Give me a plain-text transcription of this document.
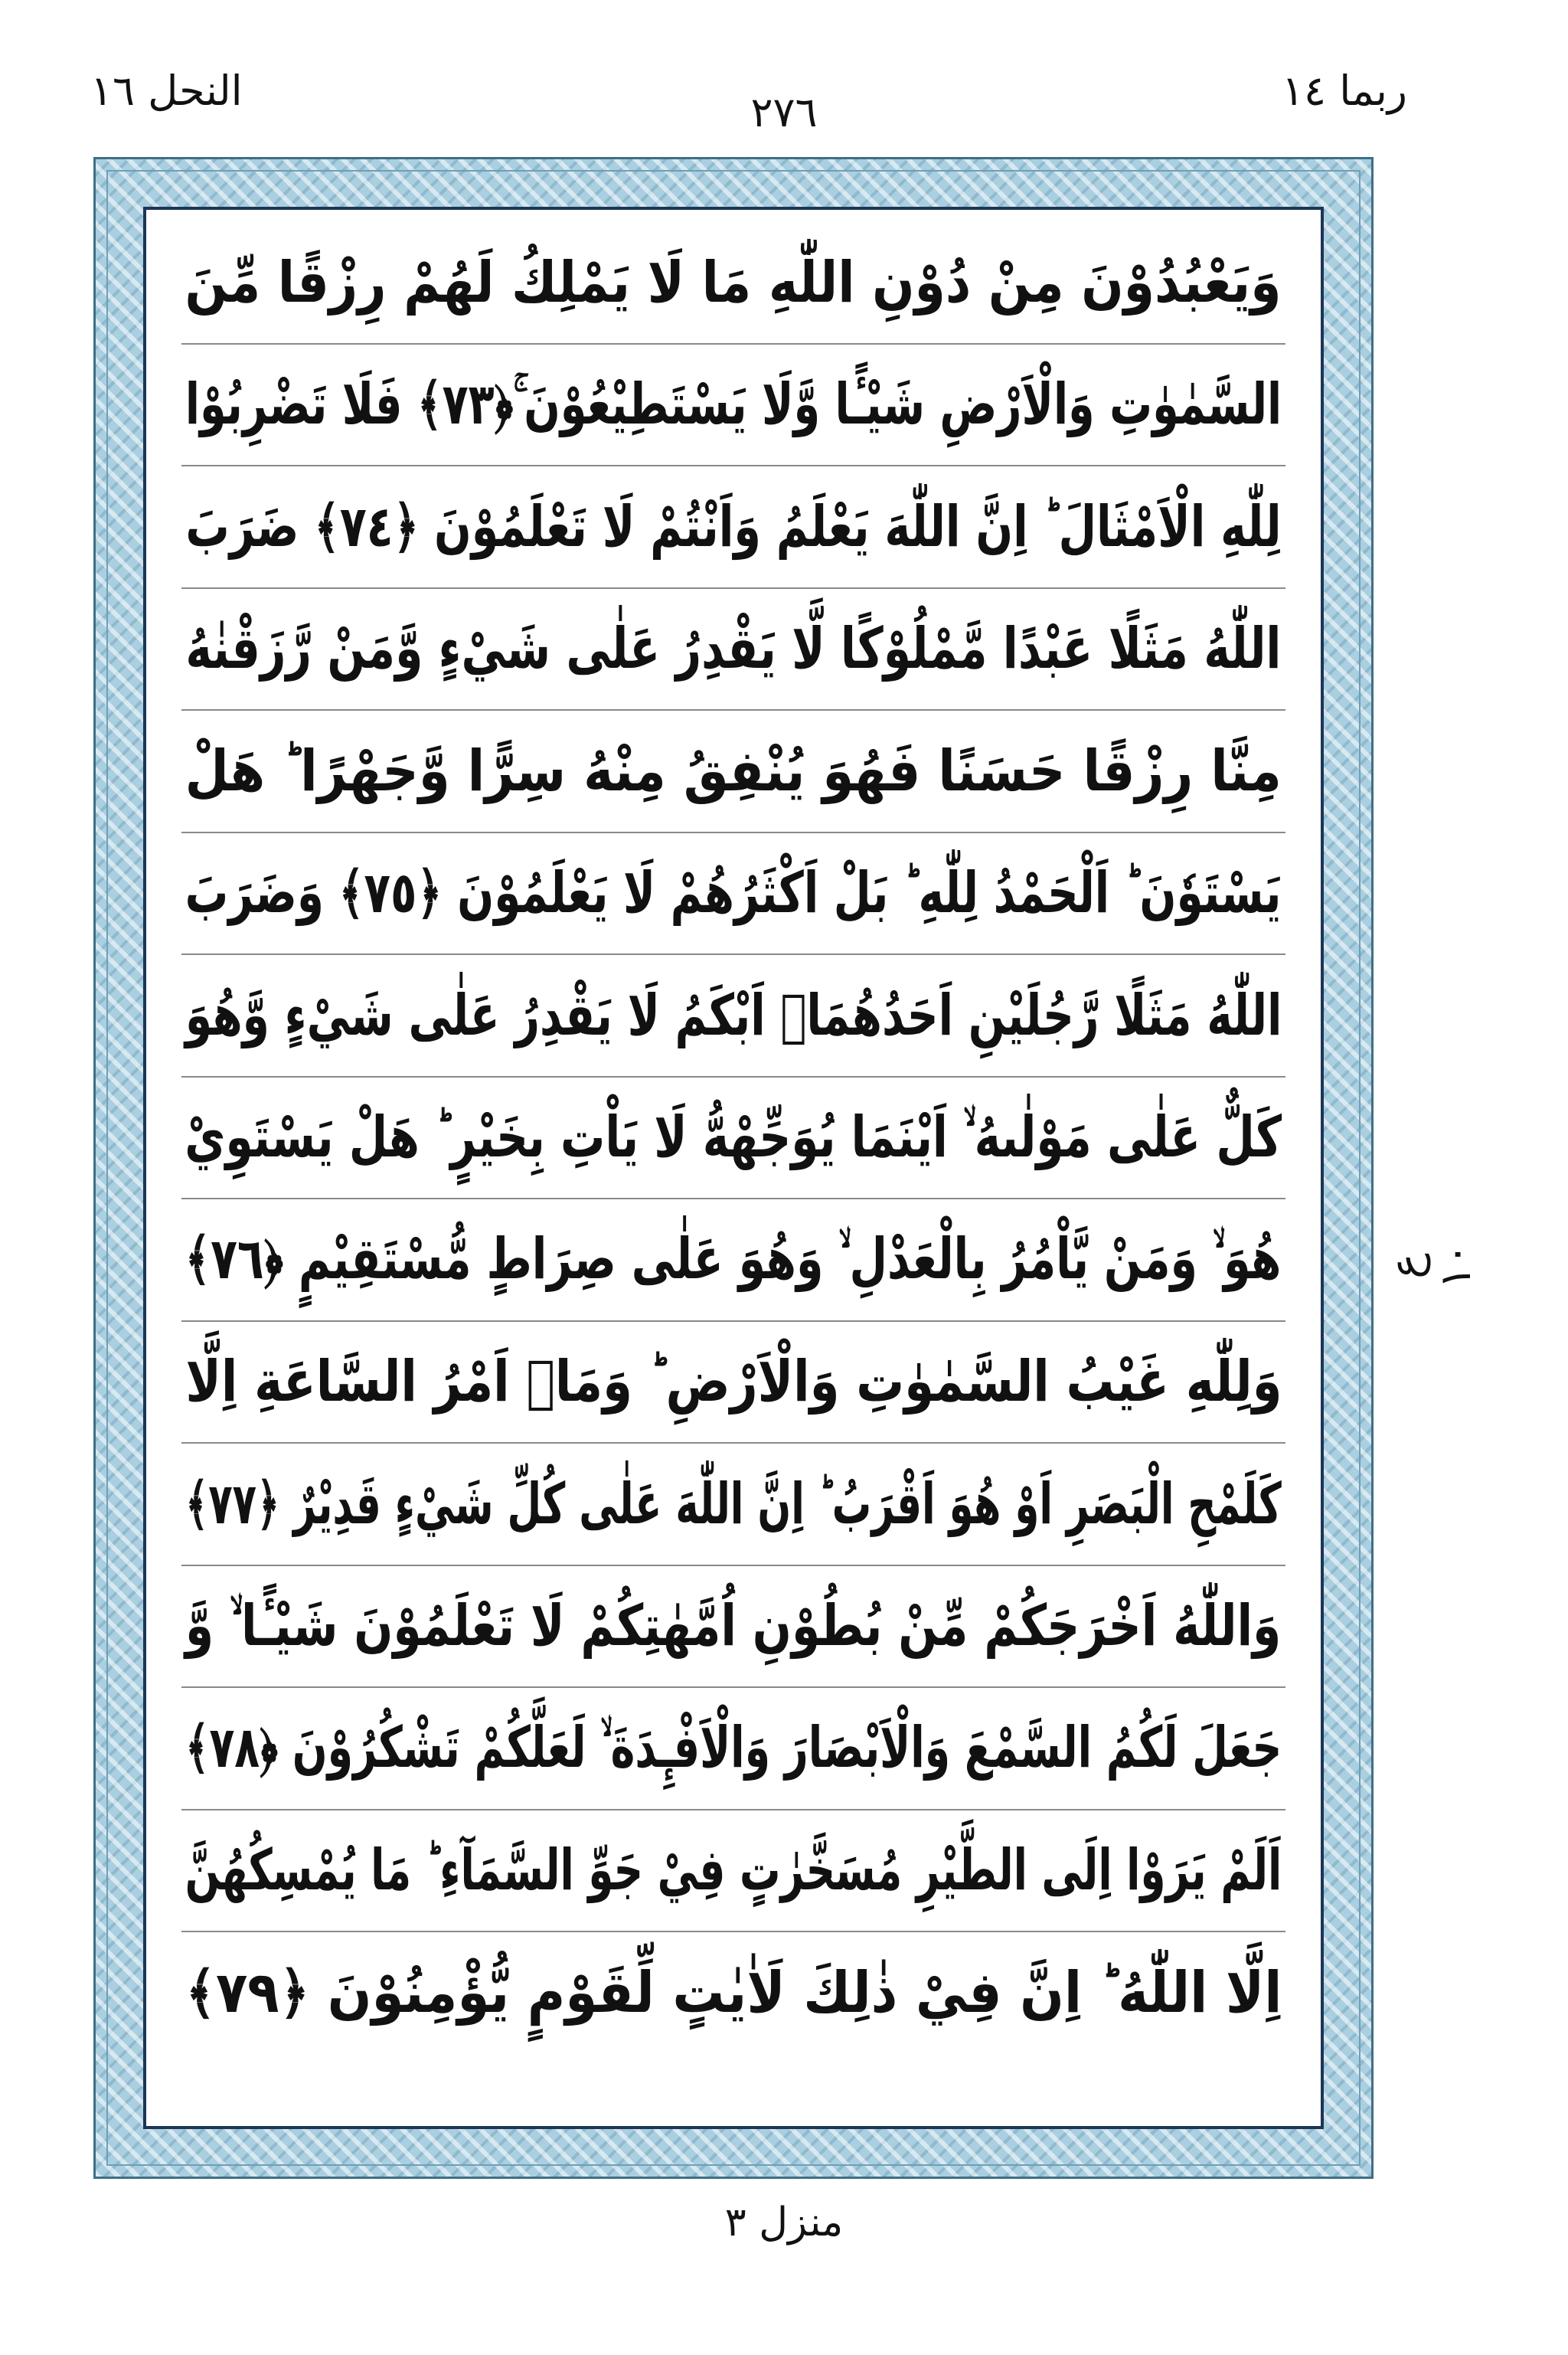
النحل ١٦	٢٧٦	ربما ١٤
وَيَعْبُدُوْنَ مِنْ دُوْنِ اللّٰهِ مَا لَا يَمْلِكُ لَهُمْ رِزْقًا مِّنَ
السَّمٰوٰتِ وَالْاَرْضِ شَيْـًٔا وَّلَا يَسْتَطِيْعُوْنَ ۚ﴿٧٣﴾ فَلَا تَضْرِبُوْا
لِلّٰهِ الْاَمْثَالَ ؕ اِنَّ اللّٰهَ يَعْلَمُ وَاَنْتُمْ لَا تَعْلَمُوْنَ ﴿٧٤﴾ ضَرَبَ
اللّٰهُ مَثَلًا عَبْدًا مَّمْلُوْكًا لَّا يَقْدِرُ عَلٰى شَيْءٍ وَّمَنْ رَّزَقْنٰهُ
مِنَّا رِزْقًا حَسَنًا فَهُوَ يُنْفِقُ مِنْهُ سِرًّا وَّجَهْرًا ؕ هَلْ
يَسْتَوٗنَ ؕ اَلْحَمْدُ لِلّٰهِ ؕ بَلْ اَكْثَرُهُمْ لَا يَعْلَمُوْنَ ﴿٧٥﴾ وَضَرَبَ
اللّٰهُ مَثَلًا رَّجُلَيْنِ اَحَدُهُمَاۤ اَبْكَمُ لَا يَقْدِرُ عَلٰى شَيْءٍ وَّهُوَ
كَلٌّ عَلٰى مَوْلٰىهُ ۙ اَيْنَمَا يُوَجِّهْهُّ لَا يَاْتِ بِخَيْرٍ ؕ هَلْ يَسْتَوِيْ
هُوَ ۙ وَمَنْ يَّاْمُرُ بِالْعَدْلِ ۙ وَهُوَ عَلٰى صِرَاطٍ مُّسْتَقِيْمٍ ﴿٧٦﴾
وَلِلّٰهِ غَيْبُ السَّمٰوٰتِ وَالْاَرْضِ ؕ وَمَاۤ اَمْرُ السَّاعَةِ اِلَّا
كَلَمْحِ الْبَصَرِ اَوْ هُوَ اَقْرَبُ ؕ اِنَّ اللّٰهَ عَلٰى كُلِّ شَيْءٍ قَدِيْرٌ ﴿٧٧﴾
وَاللّٰهُ اَخْرَجَكُمْ مِّنْ بُطُوْنِ اُمَّهٰتِكُمْ لَا تَعْلَمُوْنَ شَيْـًٔا ۙ وَّ
جَعَلَ لَكُمُ السَّمْعَ وَالْاَبْصَارَ وَالْاَفْـِٕدَةَ ۙ لَعَلَّكُمْ تَشْكُرُوْنَ ﴿٧٨﴾
اَلَمْ يَرَوْا اِلَى الطَّيْرِ مُسَخَّرٰتٍ فِيْ جَوِّ السَّمَآءِ ؕ مَا يُمْسِكُهُنَّ
اِلَّا اللّٰهُ ؕ اِنَّ فِيْ ذٰلِكَ لَاٰيٰتٍ لِّقَوْمٍ يُّؤْمِنُوْنَ ﴿٧٩﴾
ع ١٠
منزل ٣
